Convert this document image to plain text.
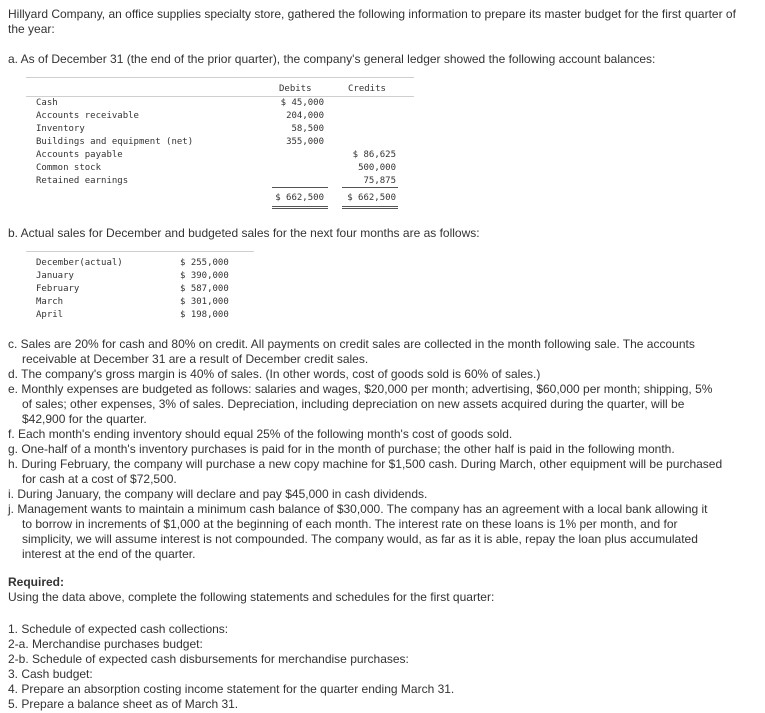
Hillyard Company, an office supplies specialty store, gathered the following information to prepare its master budget for the first quarter of the year:
a. As of December 31 (the end of the prior quarter), the company's general ledger showed the following account balances:
Debits	Credits
Cash
Accounts receivable
Inventory
Buildings and equipment (net)
Accounts payable
Common stock
Retained earnings
$ 45,000
204,000
58,500
355,000
$ 86,625
500,000
75,875
$ 662,500	$ 662,500
b. Actual sales for December and budgeted sales for the next four months are as follows:
December(actual)
January
February
March
April
$ 255,000
$ 390,000
$ 587,000
$ 301,000
$ 198,000
c. Sales are 20% for cash and 80% on credit. All payments on credit sales are collected in the month following sale. The accounts
receivable at December 31 are a result of December credit sales.
d. The company's gross margin is 40% of sales. (In other words, cost of goods sold is 60% of sales.)
e. Monthly expenses are budgeted as follows: salaries and wages, $20,000 per month; advertising, $60,000 per month; shipping, 5%
of sales; other expenses, 3% of sales. Depreciation, including depreciation on new assets acquired during the quarter, will be
$42,900 for the quarter.
f. Each month's ending inventory should equal 25% of the following month's cost of goods sold.
g. One-half of a month's inventory purchases is paid for in the month of purchase; the other half is paid in the following month.
h. During February, the company will purchase a new copy machine for $1,500 cash. During March, other equipment will be purchased
for cash at a cost of $72,500.
i. During January, the company will declare and pay $45,000 in cash dividends.
j. Management wants to maintain a minimum cash balance of $30,000. The company has an agreement with a local bank allowing it
to borrow in increments of $1,000 at the beginning of each month. The interest rate on these loans is 1% per month, and for
simplicity, we will assume interest is not compounded. The company would, as far as it is able, repay the loan plus accumulated
interest at the end of the quarter.
Required:
Using the data above, complete the following statements and schedules for the first quarter:
1. Schedule of expected cash collections:
2-a. Merchandise purchases budget:
2-b. Schedule of expected cash disbursements for merchandise purchases:
3. Cash budget:
4. Prepare an absorption costing income statement for the quarter ending March 31.
5. Prepare a balance sheet as of March 31.
